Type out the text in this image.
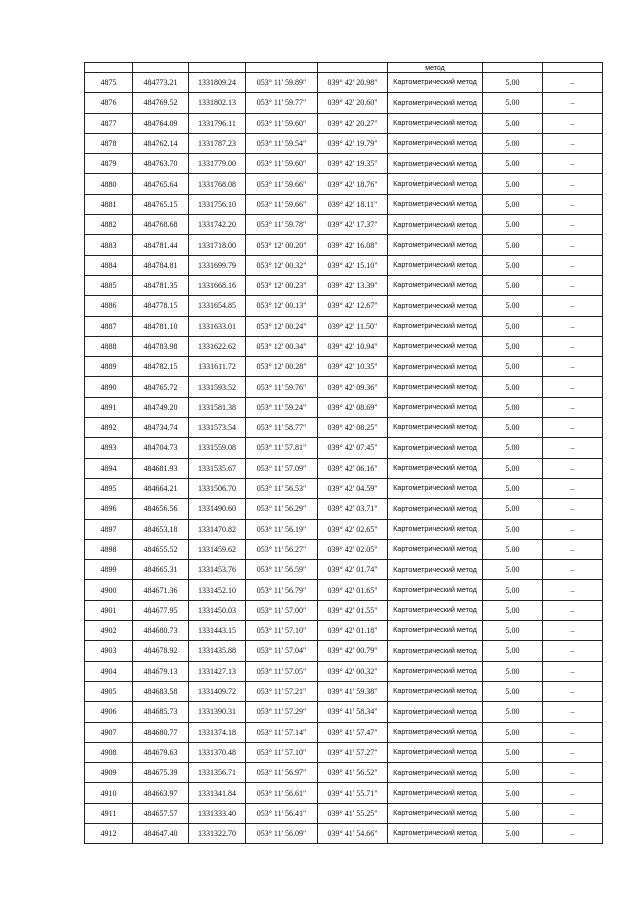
					метод		
4875	484773.21	1331809.24	053° 11' 59.89"	039° 42' 20.98"	Картометрический метод	5.00	–
4876	484769.52	1331802.13	053° 11' 59.77"	039° 42' 20.60"	Картометрический метод	5.00	–
4877	484764.09	1331796.11	053° 11' 59.60"	039° 42' 20.27"	Картометрический метод	5.00	–
4878	484762.14	1331787.23	053° 11' 59.54"	039° 42' 19.79"	Картометрический метод	5.00	–
4879	484763.70	1331779.00	053° 11' 59.60"	039° 42' 19.35"	Картометрический метод	5.00	–
4880	484765.64	1331768.08	053° 11' 59.66"	039° 42' 18.76"	Картометрический метод	5.00	–
4881	484765.15	1331756.10	053° 11' 59.66"	039° 42' 18.11"	Картометрический метод	5.00	–
4882	484768.68	1331742.20	053° 11' 59.78"	039° 42' 17.37"	Картометрический метод	5.00	–
4883	484781.44	1331718.00	053° 12' 00.20"	039° 42' 16.08"	Картометрический метод	5.00	–
4884	484784.81	1331699.79	053° 12' 00.32"	039° 42' 15.10"	Картометрический метод	5.00	–
4885	484781.35	1331668.16	053° 12' 00.23"	039° 42' 13.39"	Картометрический метод	5.00	–
4886	484778.15	1331654.85	053° 12' 00.13"	039° 42' 12.67"	Картометрический метод	5.00	–
4887	484781.10	1331633.01	053° 12' 00.24"	039° 42' 11.50"	Картометрический метод	5.00	–
4888	484783.98	1331622.62	053° 12' 00.34"	039° 42' 10.94"	Картометрический метод	5.00	–
4889	484782.15	1331611.72	053° 12' 00.28"	039° 42' 10.35"	Картометрический метод	5.00	–
4890	484765.72	1331593.52	053° 11' 59.76"	039° 42' 09.36"	Картометрический метод	5.00	–
4891	484749.20	1331581.38	053° 11' 59.24"	039° 42' 08.69"	Картометрический метод	5.00	–
4892	484734.74	1331573.54	053° 11' 58.77"	039° 42' 08.25"	Картометрический метод	5.00	–
4893	484704.73	1331559.08	053° 11' 57.81"	039° 42' 07.45"	Картометрический метод	5.00	–
4894	484681.93	1331535.67	053° 11' 57.09"	039° 42' 06.16"	Картометрический метод	5.00	–
4895	484664.21	1331506.70	053° 11' 56.53"	039° 42' 04.59"	Картометрический метод	5.00	–
4896	484656.56	1331490.60	053° 11' 56.29"	039° 42' 03.71"	Картометрический метод	5.00	–
4897	484653.18	1331470.82	053° 11' 56.19"	039° 42' 02.65"	Картометрический метод	5.00	–
4898	484655.52	1331459.62	053° 11' 56.27"	039° 42' 02.05"	Картометрический метод	5.00	–
4899	484665.31	1331453.76	053° 11' 56.59"	039° 42' 01.74"	Картометрический метод	5.00	–
4900	484671.36	1331452.10	053° 11' 56.79"	039° 42' 01.65"	Картометрический метод	5.00	–
4901	484677.95	1331450.03	053° 11' 57.00"	039° 42' 01.55"	Картометрический метод	5.00	–
4902	484680.73	1331443.15	053° 11' 57.10"	039° 42' 01.18"	Картометрический метод	5.00	–
4903	484678.92	1331435.88	053° 11' 57.04"	039° 42' 00.79"	Картометрический метод	5.00	–
4904	484679.13	1331427.13	053° 11' 57.05"	039° 42' 00.32"	Картометрический метод	5.00	–
4905	484683.58	1331409.72	053° 11' 57.21"	039° 41' 59.38"	Картометрический метод	5.00	–
4906	484685.73	1331390.31	053° 11' 57.29"	039° 41' 58.34"	Картометрический метод	5.00	–
4907	484680.77	1331374.18	053° 11' 57.14"	039° 41' 57.47"	Картометрический метод	5.00	–
4908	484679.63	1331370.48	053° 11' 57.10"	039° 41' 57.27"	Картометрический метод	5.00	–
4909	484675.39	1331356.71	053° 11' 56.97"	039° 41' 56.52"	Картометрический метод	5.00	–
4910	484663.97	1331341.84	053° 11' 56.61"	039° 41' 55.71"	Картометрический метод	5.00	–
4911	484657.57	1331333.40	053° 11' 56.41"	039° 41' 55.25"	Картометрический метод	5.00	–
4912	484647.40	1331322.70	053° 11' 56.09"	039° 41' 54.66"	Картометрический метод	5.00	–
